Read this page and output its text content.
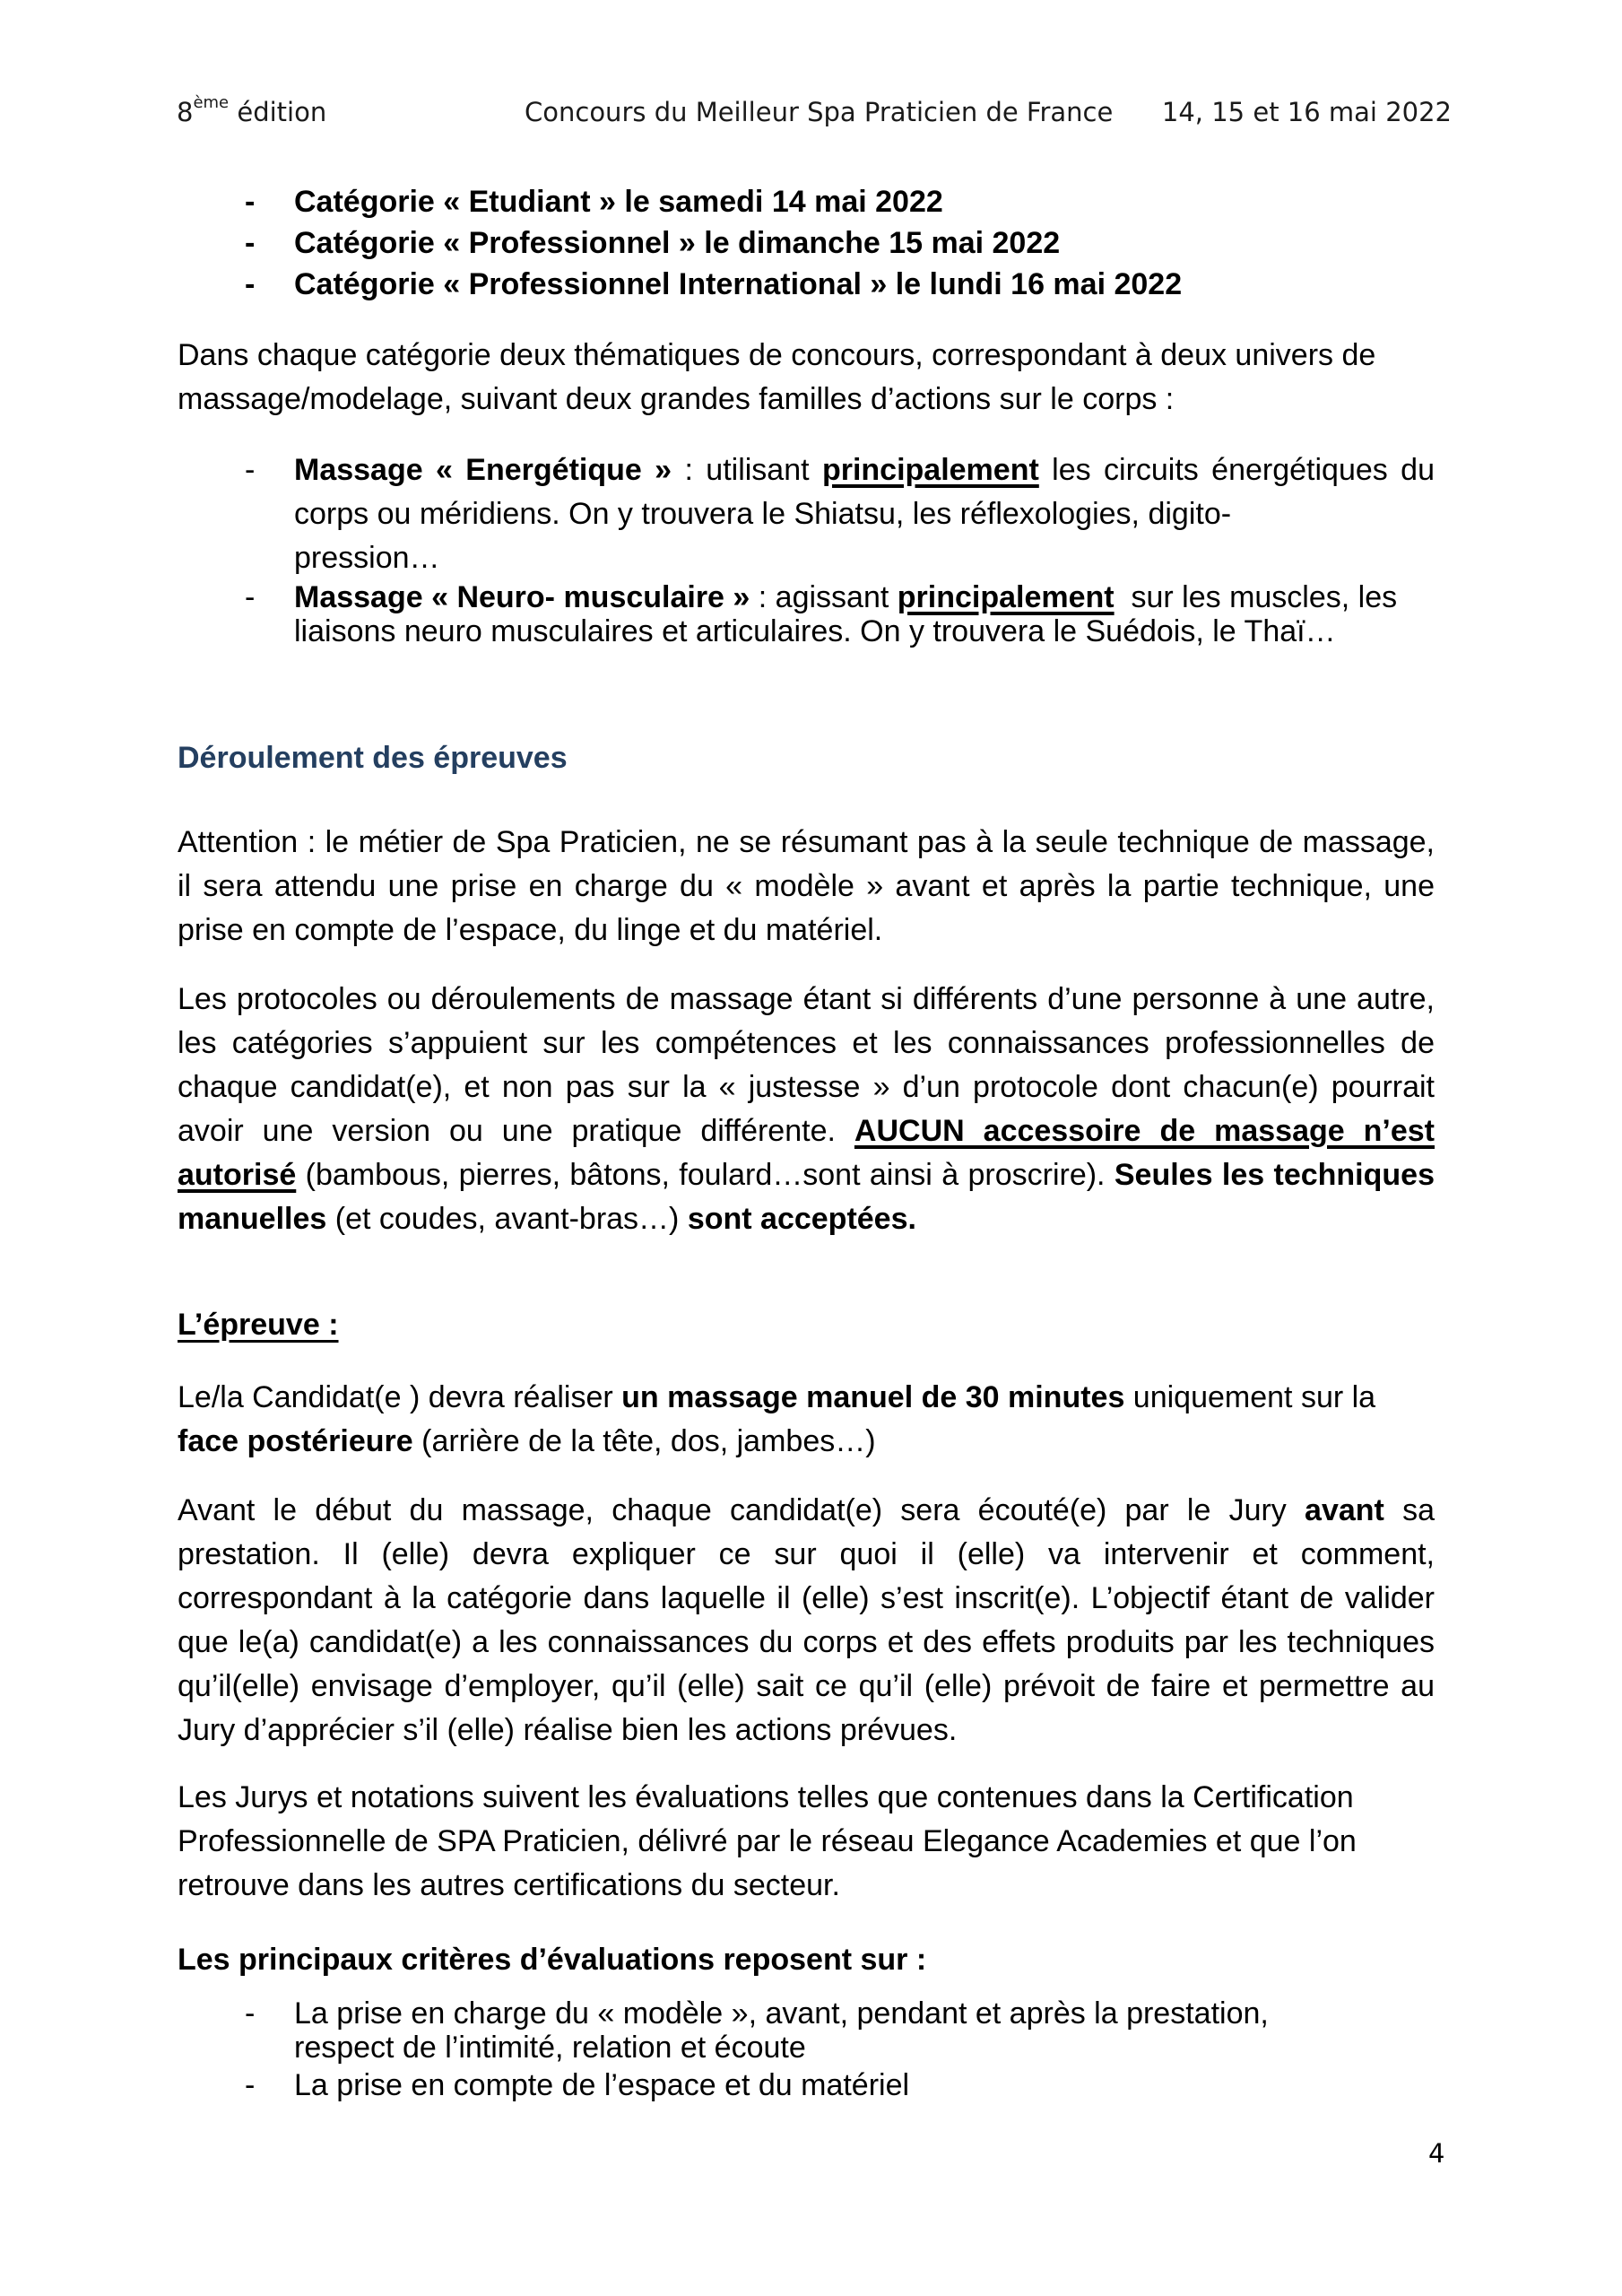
8ème édition	Concours du Meilleur Spa Praticien de France 14, 15 et 16 mai 2022
- Catégorie « Etudiant » le samedi 14 mai 2022
- Catégorie « Professionnel » le dimanche 15 mai 2022
- Catégorie « Professionnel International » le lundi 16 mai 2022

Dans chaque catégorie deux thématiques de concours, correspondant à deux univers de massage/modelage, suivant deux grandes familles d’actions sur le corps :

- Massage « Energétique » : utilisant principalement les circuits énergétiques du corps ou méridiens. On y trouvera le Shiatsu, les réflexologies, digito-
pression…
- Massage « Neuro- musculaire » : agissant principalement  sur les muscles, les liaisons neuro musculaires et articulaires. On y trouvera le Suédois, le Thaï…
Déroulement des épreuves

Attention : le métier de Spa Praticien, ne se résumant pas à la seule technique de massage, il sera attendu une prise en charge du « modèle » avant et après la partie technique, une prise en compte de l’espace, du linge et du matériel.

Les protocoles ou déroulements de massage étant si différents d’une personne à une autre, les catégories s’appuient sur les compétences et les connaissances professionnelles de chaque candidat(e), et non pas sur la « justesse » d’un protocole dont chacun(e) pourrait avoir une version ou une pratique différente. AUCUN accessoire de massage n’est autorisé (bambous, pierres, bâtons, foulard…sont ainsi à proscrire). Seules les techniques manuelles (et coudes, avant-bras…) sont acceptées.

L’épreuve :

Le/la Candidat(e ) devra réaliser un massage manuel de 30 minutes uniquement sur la face postérieure (arrière de la tête, dos, jambes…)

Avant le début du massage, chaque candidat(e) sera écouté(e) par le Jury avant sa prestation. Il (elle) devra expliquer ce sur quoi il (elle) va intervenir et comment, correspondant à la catégorie dans laquelle il (elle) s’est inscrit(e). L’objectif étant de valider que le(a) candidat(e) a les connaissances du corps et des effets produits par les techniques qu’il(elle) envisage d’employer, qu’il (elle) sait ce qu’il (elle) prévoit de faire et permettre au Jury d’apprécier s’il (elle) réalise bien les actions prévues.

Les Jurys et notations suivent les évaluations telles que contenues dans la Certification Professionnelle de SPA Praticien, délivré par le réseau Elegance Academies et que l’on retrouve dans les autres certifications du secteur.

Les principaux critères d’évaluations reposent sur :
- La prise en charge du « modèle », avant, pendant et après la prestation, respect de l’intimité, relation et écoute
- La prise en compte de l’espace et du matériel
4
